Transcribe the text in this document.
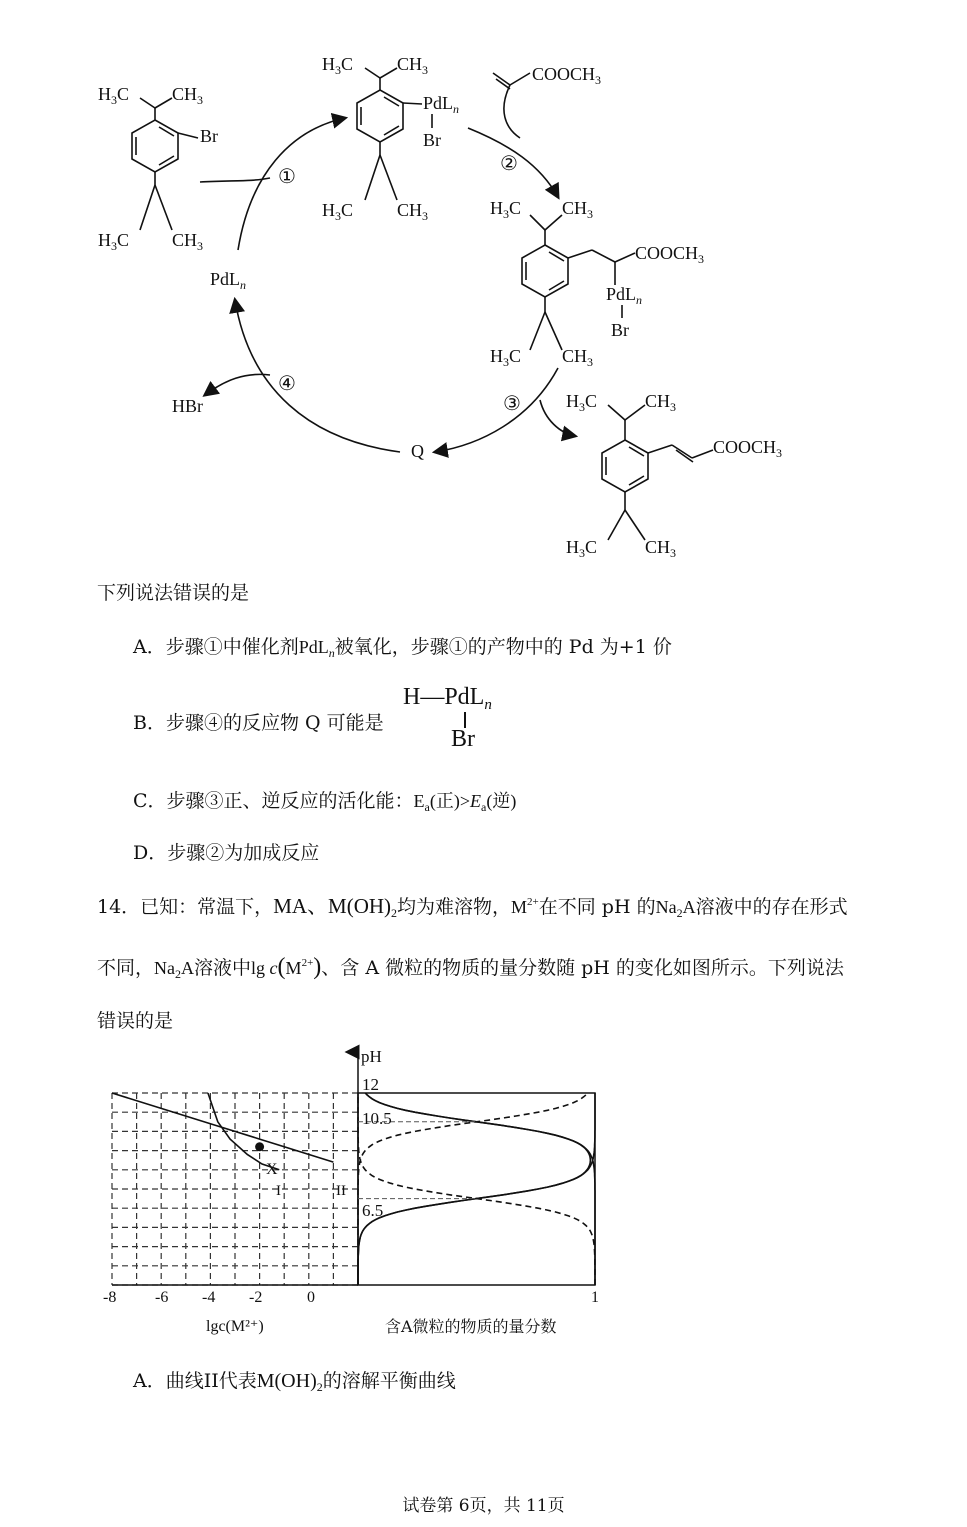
$H_3C$ $CH_3$
Br
$H_3C$ $CH_3$
$H_3C$ $CH_3$
PdL$_n$
Br
$H_3C$ $CH_3$
$COOCH_3$
$H_3C$ $CH_3$
$COOCH_3$
PdL$_n$
Br
$H_3C$ $CH_3$
$H_3C$	$CH_3$
$COOCH_3$
$H_3C$	$CH_3$
PdL$_n$
HBr
Q
①
②
③
④
下列说法错误的是
A．步骤①中催化剂PdL$_n$被氧化，步骤①的产物中的 Pd 为+1 价
B．步骤④的反应物 Q 可能是
H—PdL$_n$
Br
C．步骤③正、逆反应的活化能：$E_a$(正)$>E_a$(逆)
D．步骤②为加成反应
14．已知：常温下，MA、$M(OH)_2$均为难溶物，$M^{2+}$在不同 pH 的$Na_2A$溶液中的存在形式
不同，$Na_2A$溶液中$\lg c(M^{2+})$、含 A 微粒的物质的量分数随 pH 的变化如图所示。下列说法
错误的是
pH
12
10.5
6.5
-8 -6 -4 -2	0	1
lgc(M²⁺)	含A微粒的物质的量分数
X
I	II
A．曲线II代表$M(OH)_2$的溶解平衡曲线
试卷第 6页，共 11页
